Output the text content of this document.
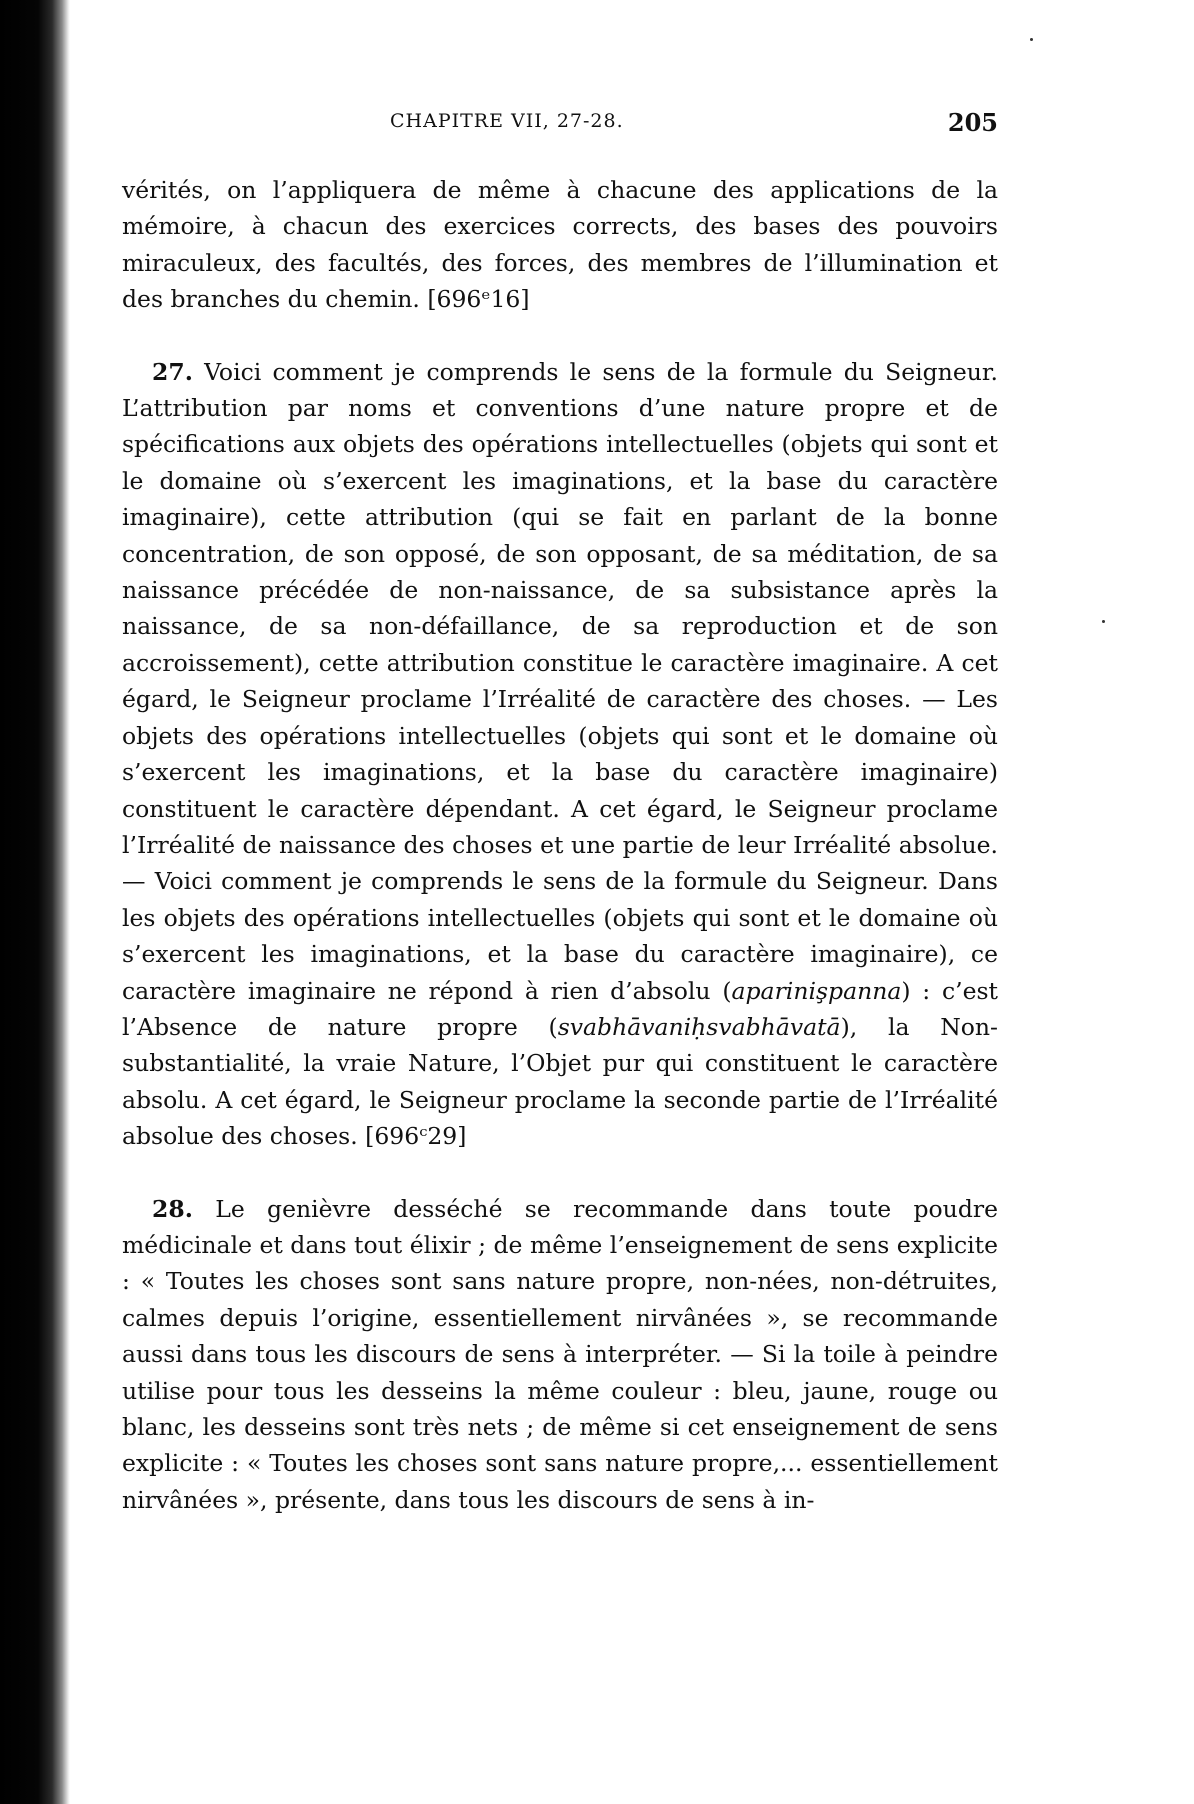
CHAPITRE VII, 27-28.	205

vérités, on l’appliquera de même à chacune des applications de la mémoire, à chacun des exercices corrects, des bases des pouvoirs miraculeux, des facultés, des forces, des membres de l’illumination et des branches du chemin. [696ᵉ16]

27. Voici comment je comprends le sens de la formule du Seigneur. L’attribution par noms et conventions d’une nature propre et de spécifications aux objets des opérations intellectuelles (objets qui sont et le domaine où s’exercent les imaginations, et la base du caractère imaginaire), cette attribution (qui se fait en parlant de la bonne concentration, de son opposé, de son opposant, de sa méditation, de sa naissance précédée de non-naissance, de sa subsistance après la naissance, de sa non-défaillance, de sa reproduction et de son accroissement), cette attribution constitue le caractère imaginaire. A cet égard, le Seigneur proclame l’Irréalité de caractère des choses. — Les objets des opérations intellectuelles (objets qui sont et le domaine où s’exercent les imaginations, et la base du caractère imaginaire) constituent le caractère dépendant. A cet égard, le Seigneur proclame l’Irréalité de naissance des choses et une partie de leur Irréalité absolue. — Voici comment je comprends le sens de la formule du Seigneur. Dans les objets des opérations intellectuelles (objets qui sont et le domaine où s’exercent les imaginations, et la base du caractère imaginaire), ce caractère imaginaire ne répond à rien d’absolu (aparinişpanna) : c’est l’Absence de nature propre (svabhāvaniḥsvabhāvatā), la Non-substantialité, la vraie Nature, l’Objet pur qui constituent le caractère absolu. A cet égard, le Seigneur proclame la seconde partie de l’Irréalité absolue des choses. [696ᶜ29]

28. Le genièvre desséché se recommande dans toute poudre médicinale et dans tout élixir ; de même l’enseignement de sens explicite : « Toutes les choses sont sans nature propre, non-nées, non-détruites, calmes depuis l’origine, essentiellement nirvânées », se recommande aussi dans tous les discours de sens à interpréter. — Si la toile à peindre utilise pour tous les desseins la même couleur : bleu, jaune, rouge ou blanc, les desseins sont très nets ; de même si cet enseignement de sens explicite : « Toutes les choses sont sans nature propre,... essentiellement nirvânées », présente, dans tous les discours de sens à in-
